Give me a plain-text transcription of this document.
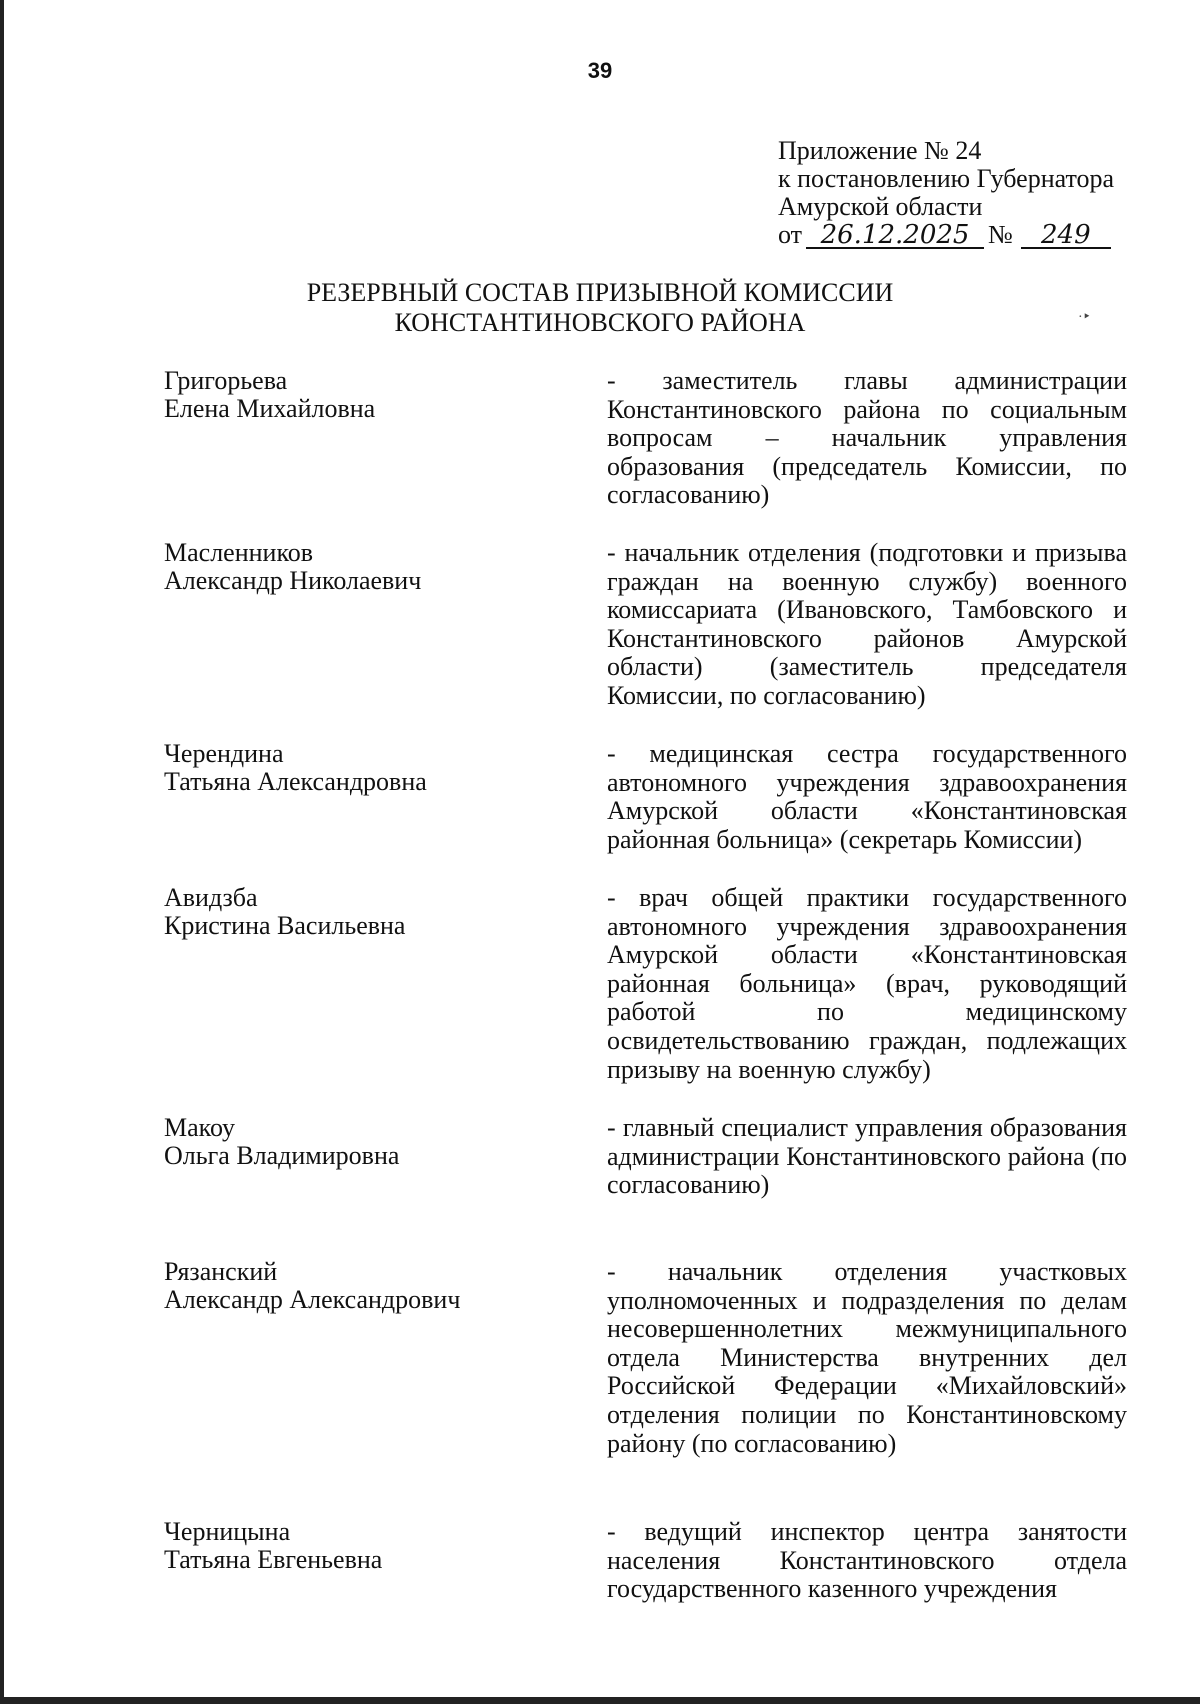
39
Приложение № 24
к постановлению Губернатора
Амурской области
от 26.12.2025 № 249
РЕЗЕРВНЫЙ СОСТАВ ПРИЗЫВНОЙ КОМИССИИ
КОНСТАНТИНОВСКОГО РАЙОНА	·‣
Григорьева
Елена Михайловна
- заместитель главы администрации Константиновского района по социальным вопросам – начальник управления образования (председатель Комиссии, по согласованию)
Масленников
Александр Николаевич
- начальник отделения (подготовки и призыва граждан на военную службу) военного комиссариата (Ивановского, Тамбовского и Константиновского районов Амурской области) (заместитель председателя Комиссии, по согласованию)
Черендина
Татьяна Александровна
- медицинская сестра государственного автономного учреждения здравоохранения Амурской области «Константиновская районная больница» (секретарь Комиссии)
Авидзба
Кристина Васильевна
- врач общей практики государственного автономного учреждения здравоохранения Амурской области «Константиновская районная больница» (врач, руководящий работой по медицинскому освидетельствованию граждан, подлежащих призыву на военную службу)
Макоу
Ольга Владимировна
- главный специалист управления образования администрации Константиновского района (по согласованию)
Рязанский
Александр Александрович
- начальник отделения участковых уполномоченных и подразделения по делам несовершеннолетних межмуниципального отдела Министерства внутренних дел Российской Федерации «Михайловский» отделения полиции по Константиновскому району (по согласованию)
Черницына
Татьяна Евгеньевна
- ведущий инспектор центра занятости населения Константиновского отдела государственного казенного учреждения
